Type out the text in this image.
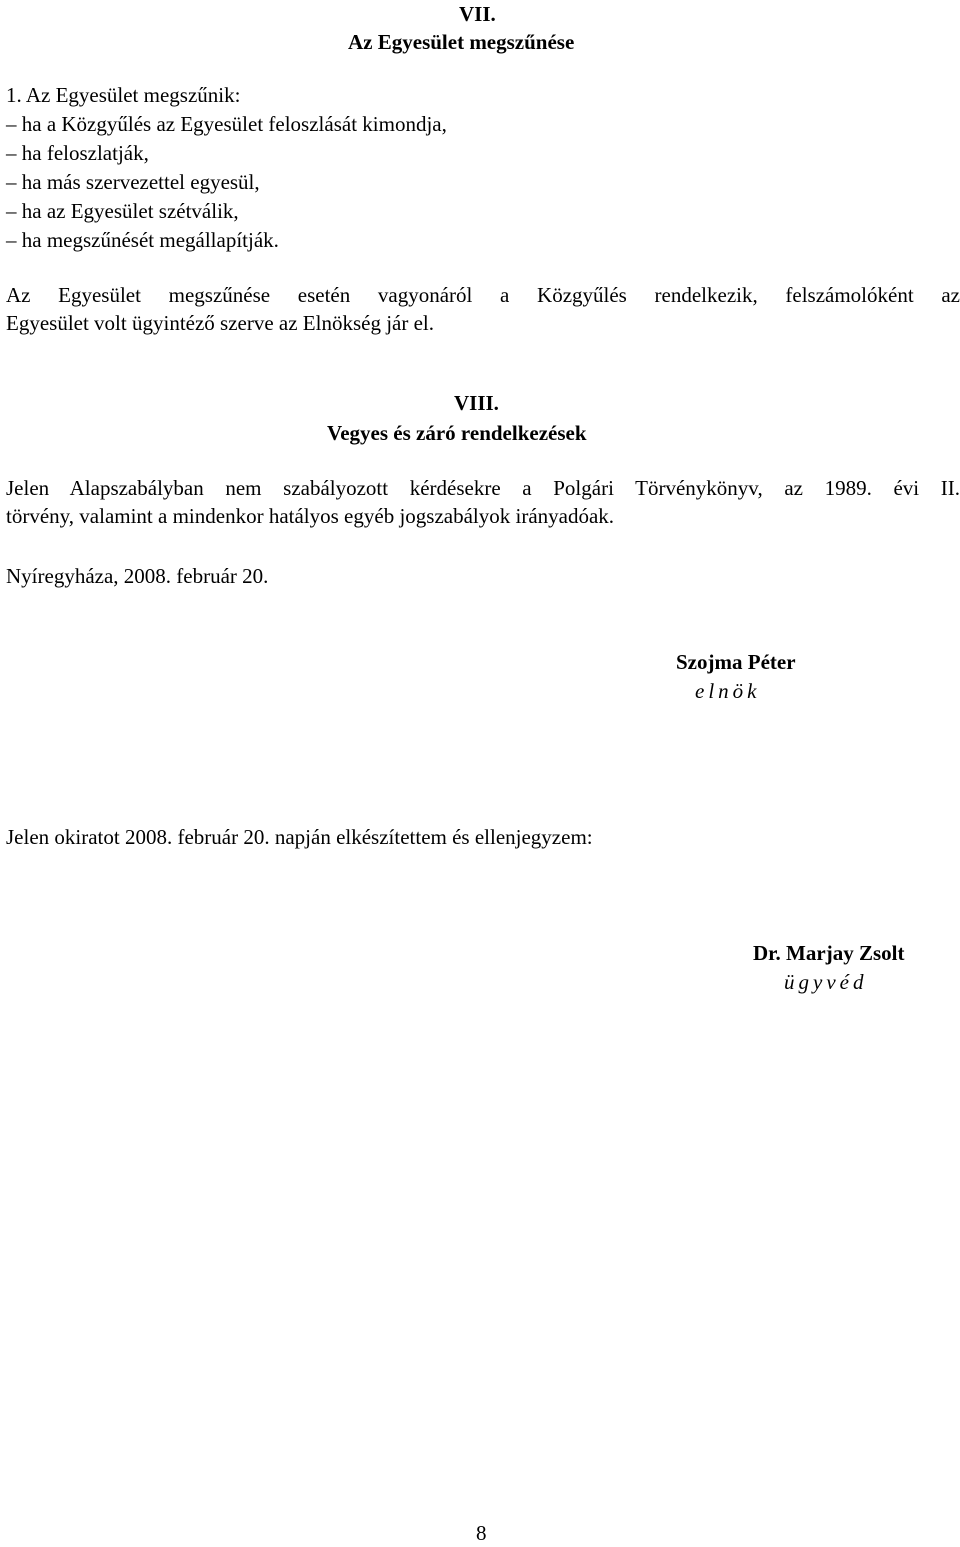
VII.
Az Egyesület megszűnése
1. Az Egyesület megszűnik:
– ha a Közgyűlés az Egyesület feloszlását kimondja,
– ha feloszlatják,
– ha más szervezettel egyesül,
– ha az Egyesület szétválik,
– ha megszűnését megállapítják.
Az Egyesület megszűnése esetén vagyonáról a Közgyűlés rendelkezik, felszámolóként az
Egyesület volt ügyintéző szerve az Elnökség jár el.
VIII.
Vegyes és záró rendelkezések
Jelen Alapszabályban nem szabályozott kérdésekre a Polgári Törvénykönyv, az 1989. évi II.
törvény, valamint a mindenkor hatályos egyéb jogszabályok irányadóak.
Nyíregyháza, 2008. február 20.
Szojma Péter
elnök
Jelen okiratot 2008. február 20. napján elkészítettem és ellenjegyzem:
Dr. Marjay Zsolt
ügyvéd
8
